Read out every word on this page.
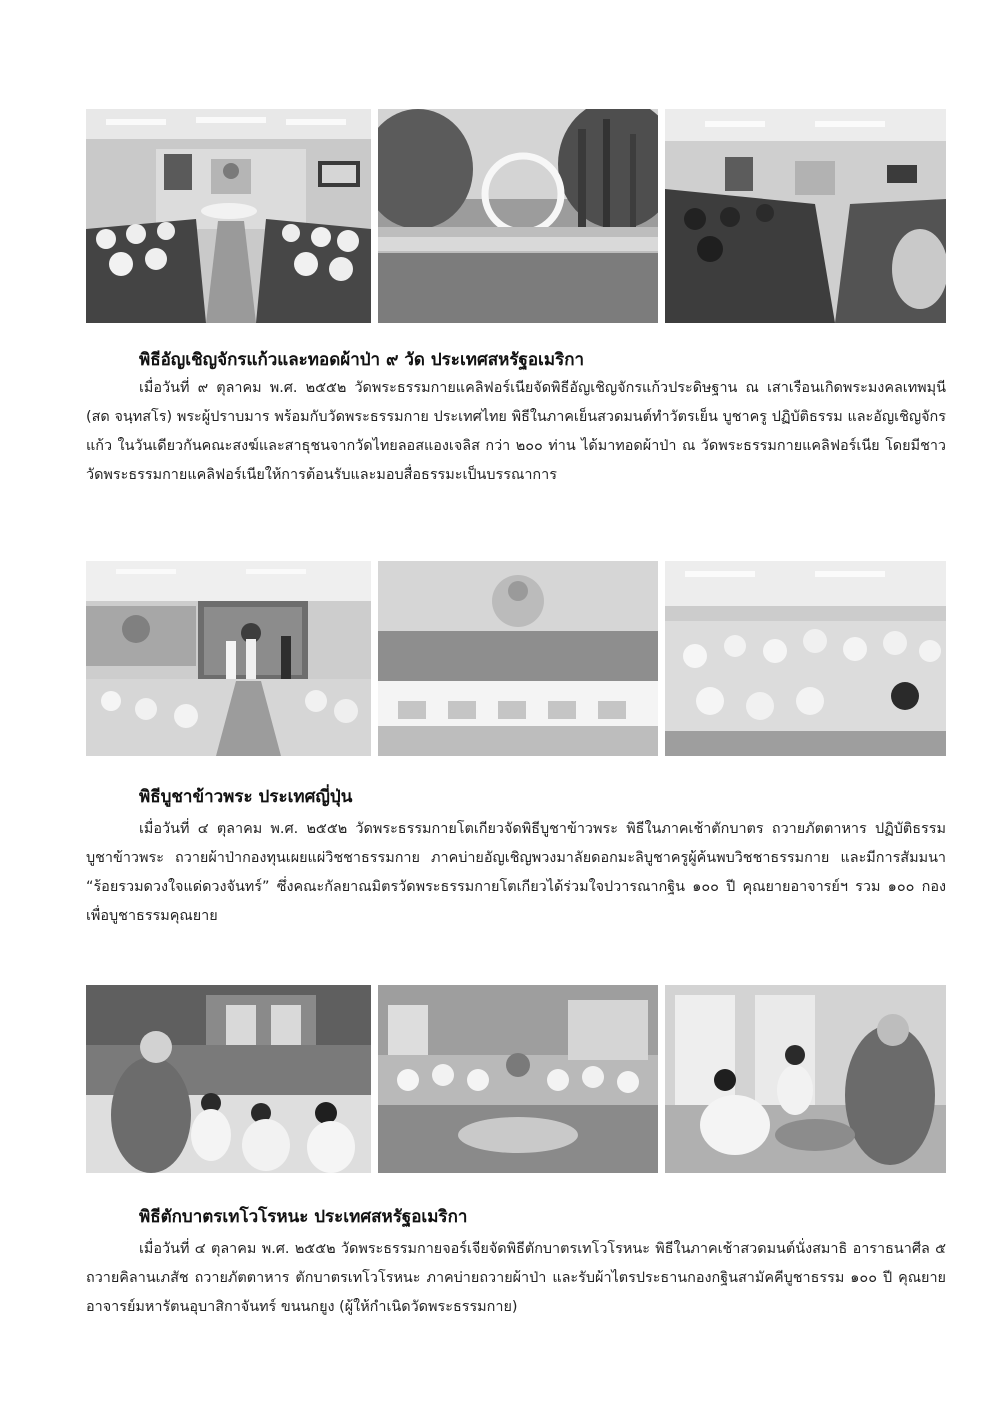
พิธีอัญเชิญจักรแก้วและทอดผ้าป่า ๙ วัด ประเทศสหรัฐอเมริกา

เมื่อวันที่ ๙ ตุลาคม พ.ศ. ๒๕๕๒ วัดพระธรรมกายแคลิฟอร์เนียจัดพิธีอัญเชิญจักรแก้วประดิษฐาน ณ เสาเรือนเกิดพระมงคลเทพมุนี (สด จนฺทสโร) พระผู้ปราบมาร พร้อมกับวัดพระธรรมกาย ประเทศไทย พิธีในภาคเย็นสวดมนต์ทำวัตรเย็น บูชาครู ปฏิบัติธรรม และอัญเชิญจักรแก้ว ในวันเดียวกันคณะสงฆ์และสาธุชนจากวัดไทยลอสแองเจลิส กว่า ๒๐๐ ท่าน ได้มาทอดผ้าป่า ณ วัดพระธรรมกายแคลิฟอร์เนีย โดยมีชาววัดพระธรรมกายแคลิฟอร์เนียให้การต้อนรับและมอบสื่อธรรมะเป็นบรรณาการ

พิธีบูชาข้าวพระ ประเทศญี่ปุ่น

เมื่อวันที่ ๔ ตุลาคม พ.ศ. ๒๕๕๒ วัดพระธรรมกายโตเกียวจัดพิธีบูชาข้าวพระ พิธีในภาคเช้าตักบาตร ถวายภัตตาหาร ปฏิบัติธรรม บูชาข้าวพระ ถวายผ้าป่ากองทุนเผยแผ่วิชชาธรรมกาย ภาคบ่ายอัญเชิญพวงมาลัยดอกมะลิบูชาครูผู้ค้นพบวิชชาธรรมกาย และมีการสัมมนา “ร้อยรวมดวงใจแด่ดวงจันทร์” ซึ่งคณะกัลยาณมิตรวัดพระธรรมกายโตเกียวได้ร่วมใจปวารณากฐิน ๑๐๐ ปี คุณยายอาจารย์ฯ รวม ๑๐๐ กอง เพื่อบูชาธรรมคุณยาย

พิธีตักบาตรเทโวโรหนะ ประเทศสหรัฐอเมริกา

เมื่อวันที่ ๔ ตุลาคม พ.ศ. ๒๕๕๒ วัดพระธรรมกายจอร์เจียจัดพิธีตักบาตรเทโวโรหนะ พิธีในภาคเช้าสวดมนต์นั่งสมาธิ อาราธนาศีล ๕ ถวายคิลานเภสัช ถวายภัตตาหาร ตักบาตรเทโวโรหนะ ภาคบ่ายถวายผ้าป่า และรับผ้าไตรประธานกองกฐินสามัคคีบูชาธรรม ๑๐๐ ปี คุณยายอาจารย์มหารัตนอุบาสิกาจันทร์ ขนนกยูง (ผู้ให้กำเนิดวัดพระธรรมกาย)
